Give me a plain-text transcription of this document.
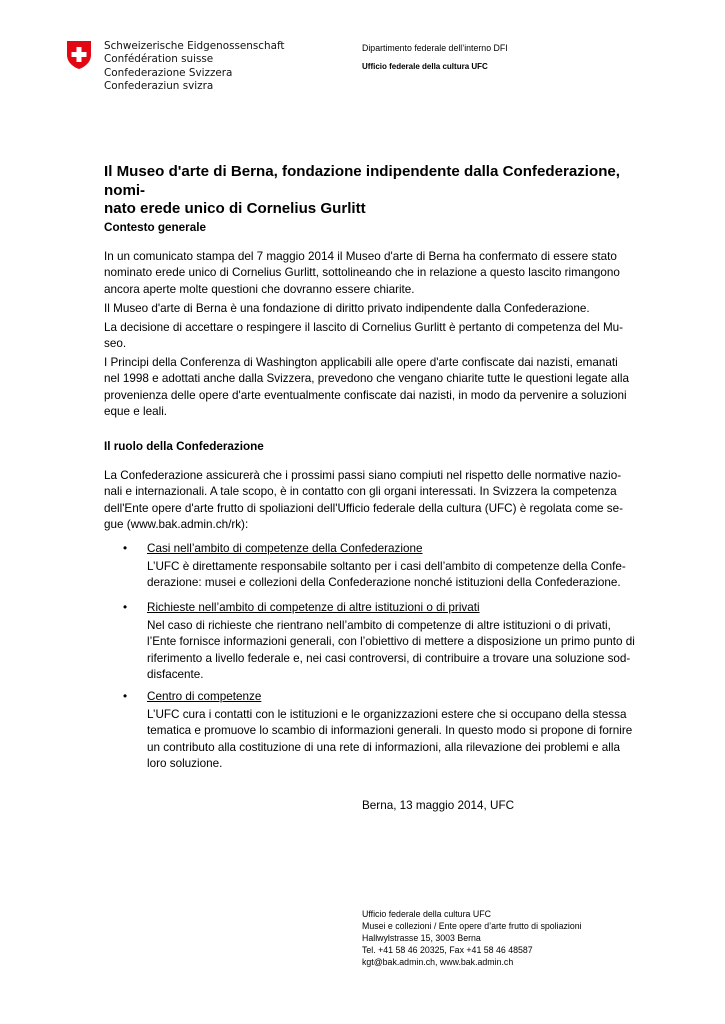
Schweizerische Eidgenossenschaft
Confédération suisse
Confederazione Svizzera
Confederaziun svizra
Dipartimento federale dell’interno DFI
Ufficio federale della cultura UFC
Il Museo d'arte di Berna, fondazione indipendente dalla Confederazione, nomi-
nato erede unico di Cornelius Gurlitt
Contesto generale
In un comunicato stampa del 7 maggio 2014 il Museo d'arte di Berna ha confermato di essere stato
nominato erede unico di Cornelius Gurlitt, sottolineando che in relazione a questo lascito rimangono
ancora aperte molte questioni che dovranno essere chiarite.
Il Museo d'arte di Berna è una fondazione di diritto privato indipendente dalla Confederazione.
La decisione di accettare o respingere il lascito di Cornelius Gurlitt è pertanto di competenza del Mu-
seo.
I Principi della Conferenza di Washington applicabili alle opere d'arte confiscate dai nazisti, emanati
nel 1998 e adottati anche dalla Svizzera, prevedono che vengano chiarite tutte le questioni legate alla
provenienza delle opere d'arte eventualmente confiscate dai nazisti, in modo da pervenire a soluzioni
eque e leali.
Il ruolo della Confederazione
La Confederazione assicurerà che i prossimi passi siano compiuti nel rispetto delle normative nazio-
nali e internazionali. A tale scopo, è in contatto con gli organi interessati. In Svizzera la competenza
dell'Ente opere d'arte frutto di spoliazioni dell'Ufficio federale della cultura (UFC) è regolata come se-
gue (www.bak.admin.ch/rk):
• Casi nell’ambito di competenze della Confederazione
L’UFC è direttamente responsabile soltanto per i casi dell’ambito di competenze della Confe-
derazione: musei e collezioni della Confederazione nonché istituzioni della Confederazione.
• Richieste nell’ambito di competenze di altre istituzioni o di privati
Nel caso di richieste che rientrano nell’ambito di competenze di altre istituzioni o di privati,
l’Ente fornisce informazioni generali, con l’obiettivo di mettere a disposizione un primo punto di
riferimento a livello federale e, nei casi controversi, di contribuire a trovare una soluzione sod-
disfacente.
• Centro di competenze
L’UFC cura i contatti con le istituzioni e le organizzazioni estere che si occupano della stessa
tematica e promuove lo scambio di informazioni generali. In questo modo si propone di fornire
un contributo alla costituzione di una rete di informazioni, alla rilevazione dei problemi e alla
loro soluzione.
Berna, 13 maggio 2014, UFC
Ufficio federale della cultura UFC
Musei e collezioni / Ente opere d’arte frutto di spoliazioni
Hallwylstrasse 15, 3003 Berna
Tel. +41 58 46 20325, Fax +41 58 46 48587
kgt@bak.admin.ch, www.bak.admin.ch
